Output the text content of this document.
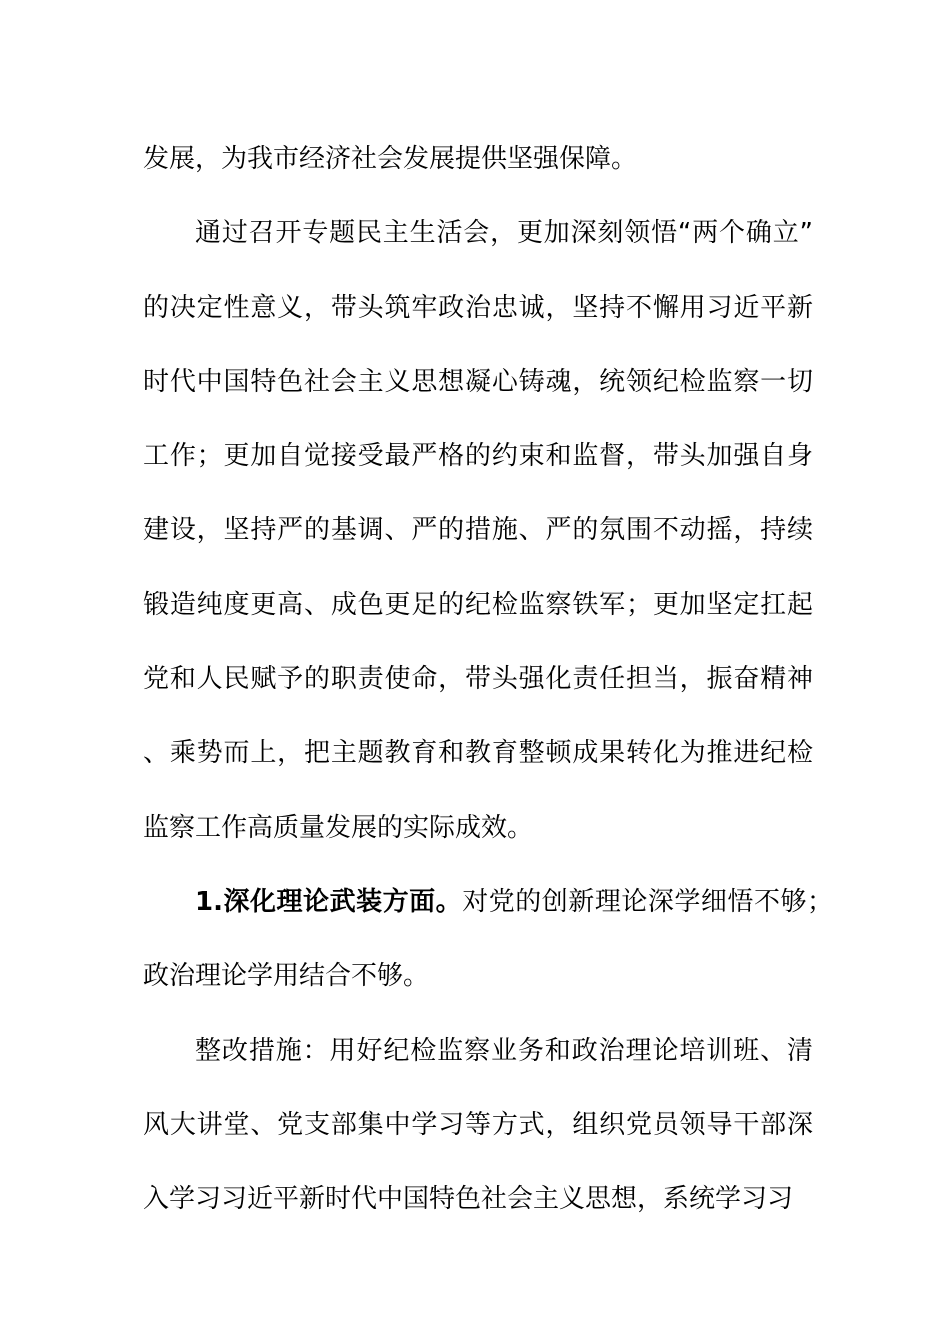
发展，为我市经济社会发展提供坚强保障。

通过召开专题民主生活会，更加深刻领悟“两个确立”的决定性意义，带头筑牢政治忠诚，坚持不懈用习近平新时代中国特色社会主义思想凝心铸魂，统领纪检监察一切工作；更加自觉接受最严格的约束和监督，带头加强自身建设，坚持严的基调、严的措施、严的氛围不动摇，持续锻造纯度更高、成色更足的纪检监察铁军；更加坚定扛起党和人民赋予的职责使命，带头强化责任担当，振奋精神、乘势而上，把主题教育和教育整顿成果转化为推进纪检监察工作高质量发展的实际成效。

1.深化理论武装方面。对党的创新理论深学细悟不够；政治理论学用结合不够。

整改措施：用好纪检监察业务和政治理论培训班、清风大讲堂、党支部集中学习等方式，组织党员领导干部深入学习习近平新时代中国特色社会主义思想，系统学习习
